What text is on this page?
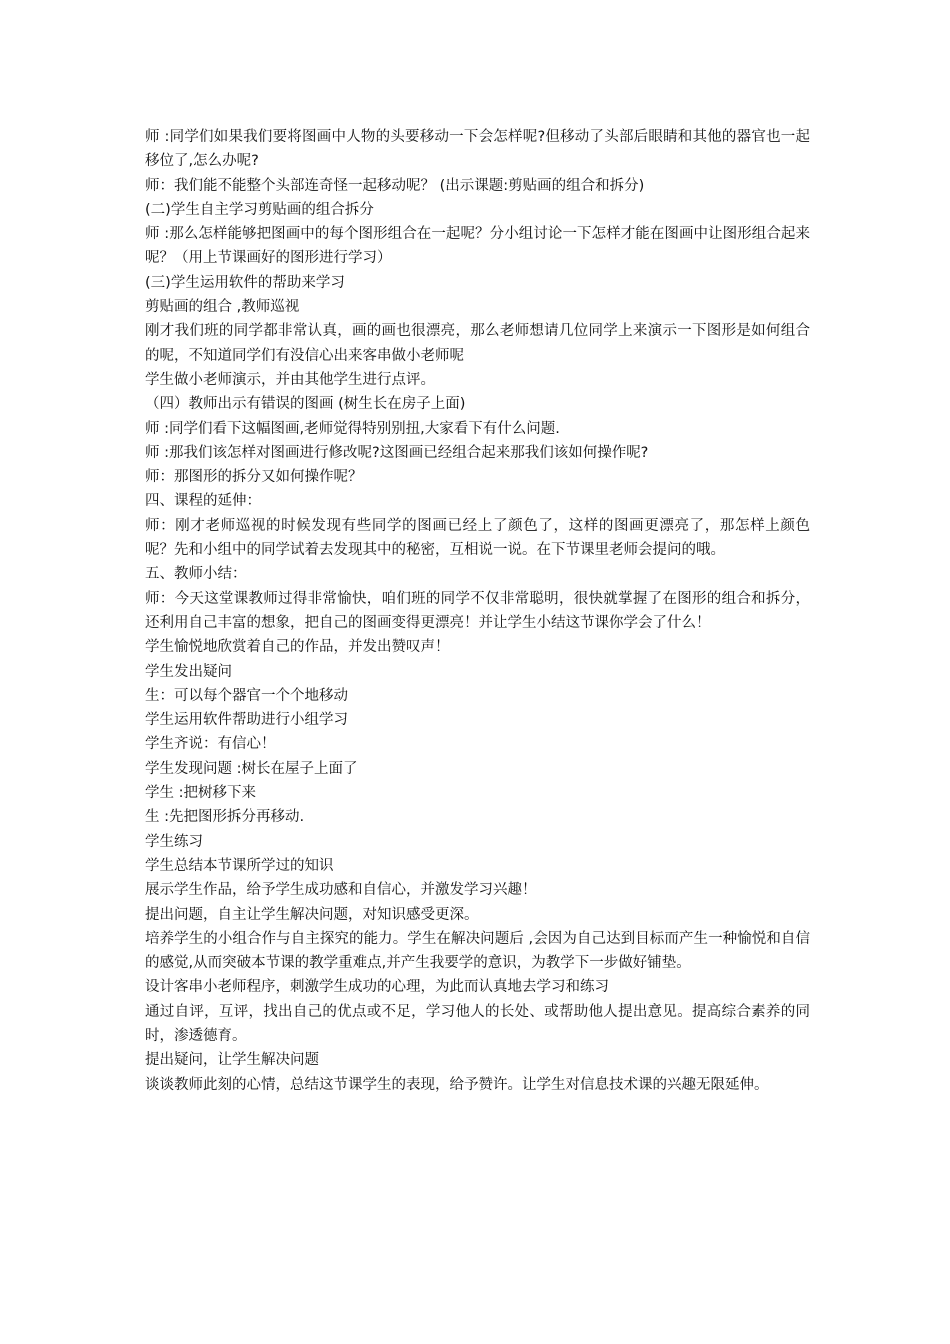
师 :同学们如果我们要将图画中人物的头要移动一下会怎样呢?但移动了头部后眼睛和其他的器官也一起移位了,怎么办呢?

师：我们能不能整个头部连奇怪一起移动呢？ (出示课题:剪贴画的组合和拆分)

(二)学生自主学习剪贴画的组合拆分

师 :那么怎样能够把图画中的每个图形组合在一起呢？分小组讨论一下怎样才能在图画中让图形组合起来呢？（用上节课画好的图形进行学习）

(三)学生运用软件的帮助来学习

剪贴画的组合 ,教师巡视

刚才我们班的同学都非常认真，画的画也很漂亮，那么老师想请几位同学上来演示一下图形是如何组合的呢，不知道同学们有没信心出来客串做小老师呢

学生做小老师演示，并由其他学生进行点评。

（四）教师出示有错误的图画 (树生长在房子上面)

师 :同学们看下这幅图画,老师觉得特别别扭,大家看下有什么问题.

师 :那我们该怎样对图画进行修改呢?这图画已经组合起来那我们该如何操作呢?

师：那图形的拆分又如何操作呢？

四、课程的延伸：

师：刚才老师巡视的时候发现有些同学的图画已经上了颜色了，这样的图画更漂亮了，那怎样上颜色呢？先和小组中的同学试着去发现其中的秘密，互相说一说。在下节课里老师会提问的哦。

五、教师小结：

师：今天这堂课教师过得非常愉快，咱们班的同学不仅非常聪明，很快就掌握了在图形的组合和拆分，还利用自己丰富的想象，把自己的图画变得更漂亮！并让学生小结这节课你学会了什么！

学生愉悦地欣赏着自己的作品，并发出赞叹声！

学生发出疑问

生：可以每个器官一个个地移动

学生运用软件帮助进行小组学习

学生齐说：有信心！

学生发现问题 :树长在屋子上面了

学生 :把树移下来

生 :先把图形拆分再移动.

学生练习

学生总结本节课所学过的知识

展示学生作品，给予学生成功感和自信心，并激发学习兴趣！

提出问题，自主让学生解决问题，对知识感受更深。

培养学生的小组合作与自主探究的能力。学生在解决问题后 ,会因为自己达到目标而产生一种愉悦和自信的感觉,从而突破本节课的教学重难点,并产生我要学的意识，为教学下一步做好铺垫。

设计客串小老师程序，刺激学生成功的心理，为此而认真地去学习和练习

通过自评，互评，找出自己的优点或不足，学习他人的长处、或帮助他人提出意见。提高综合素养的同时，渗透德育。

提出疑问，让学生解决问题

谈谈教师此刻的心情，总结这节课学生的表现，给予赞许。让学生对信息技术课的兴趣无限延伸。
